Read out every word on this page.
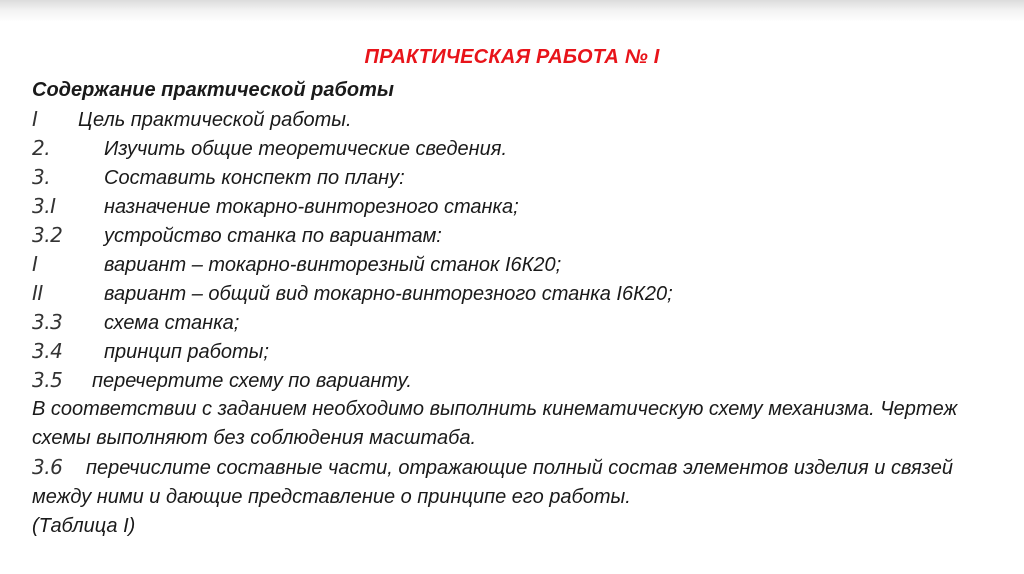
ПРАКТИЧЕСКАЯ РАБОТА № I
Содержание практической работы
I Цель практической работы.
2.	Изучить общие теоретические сведения.
3.	Составить конспект по плану:
3.I назначение токарно-винторезного станка;
3.2 устройство станка по вариантам:
I	вариант – токарно-винторезный станок I6К20;
II	вариант – общий вид токарно-винторезного станка I6К20;
3.3 схема станка;
3.4 принцип работы;
3.5 перечертите схему по варианту.
В соответствии с заданием необходимо выполнить кинематическую схему механизма. Чертеж схемы выполняют без соблюдения масштаба.
3.6 перечислите составные части, отражающие полный состав элементов изделия и связей между ними и дающие представление о принципе его работы.
(Таблица I)
